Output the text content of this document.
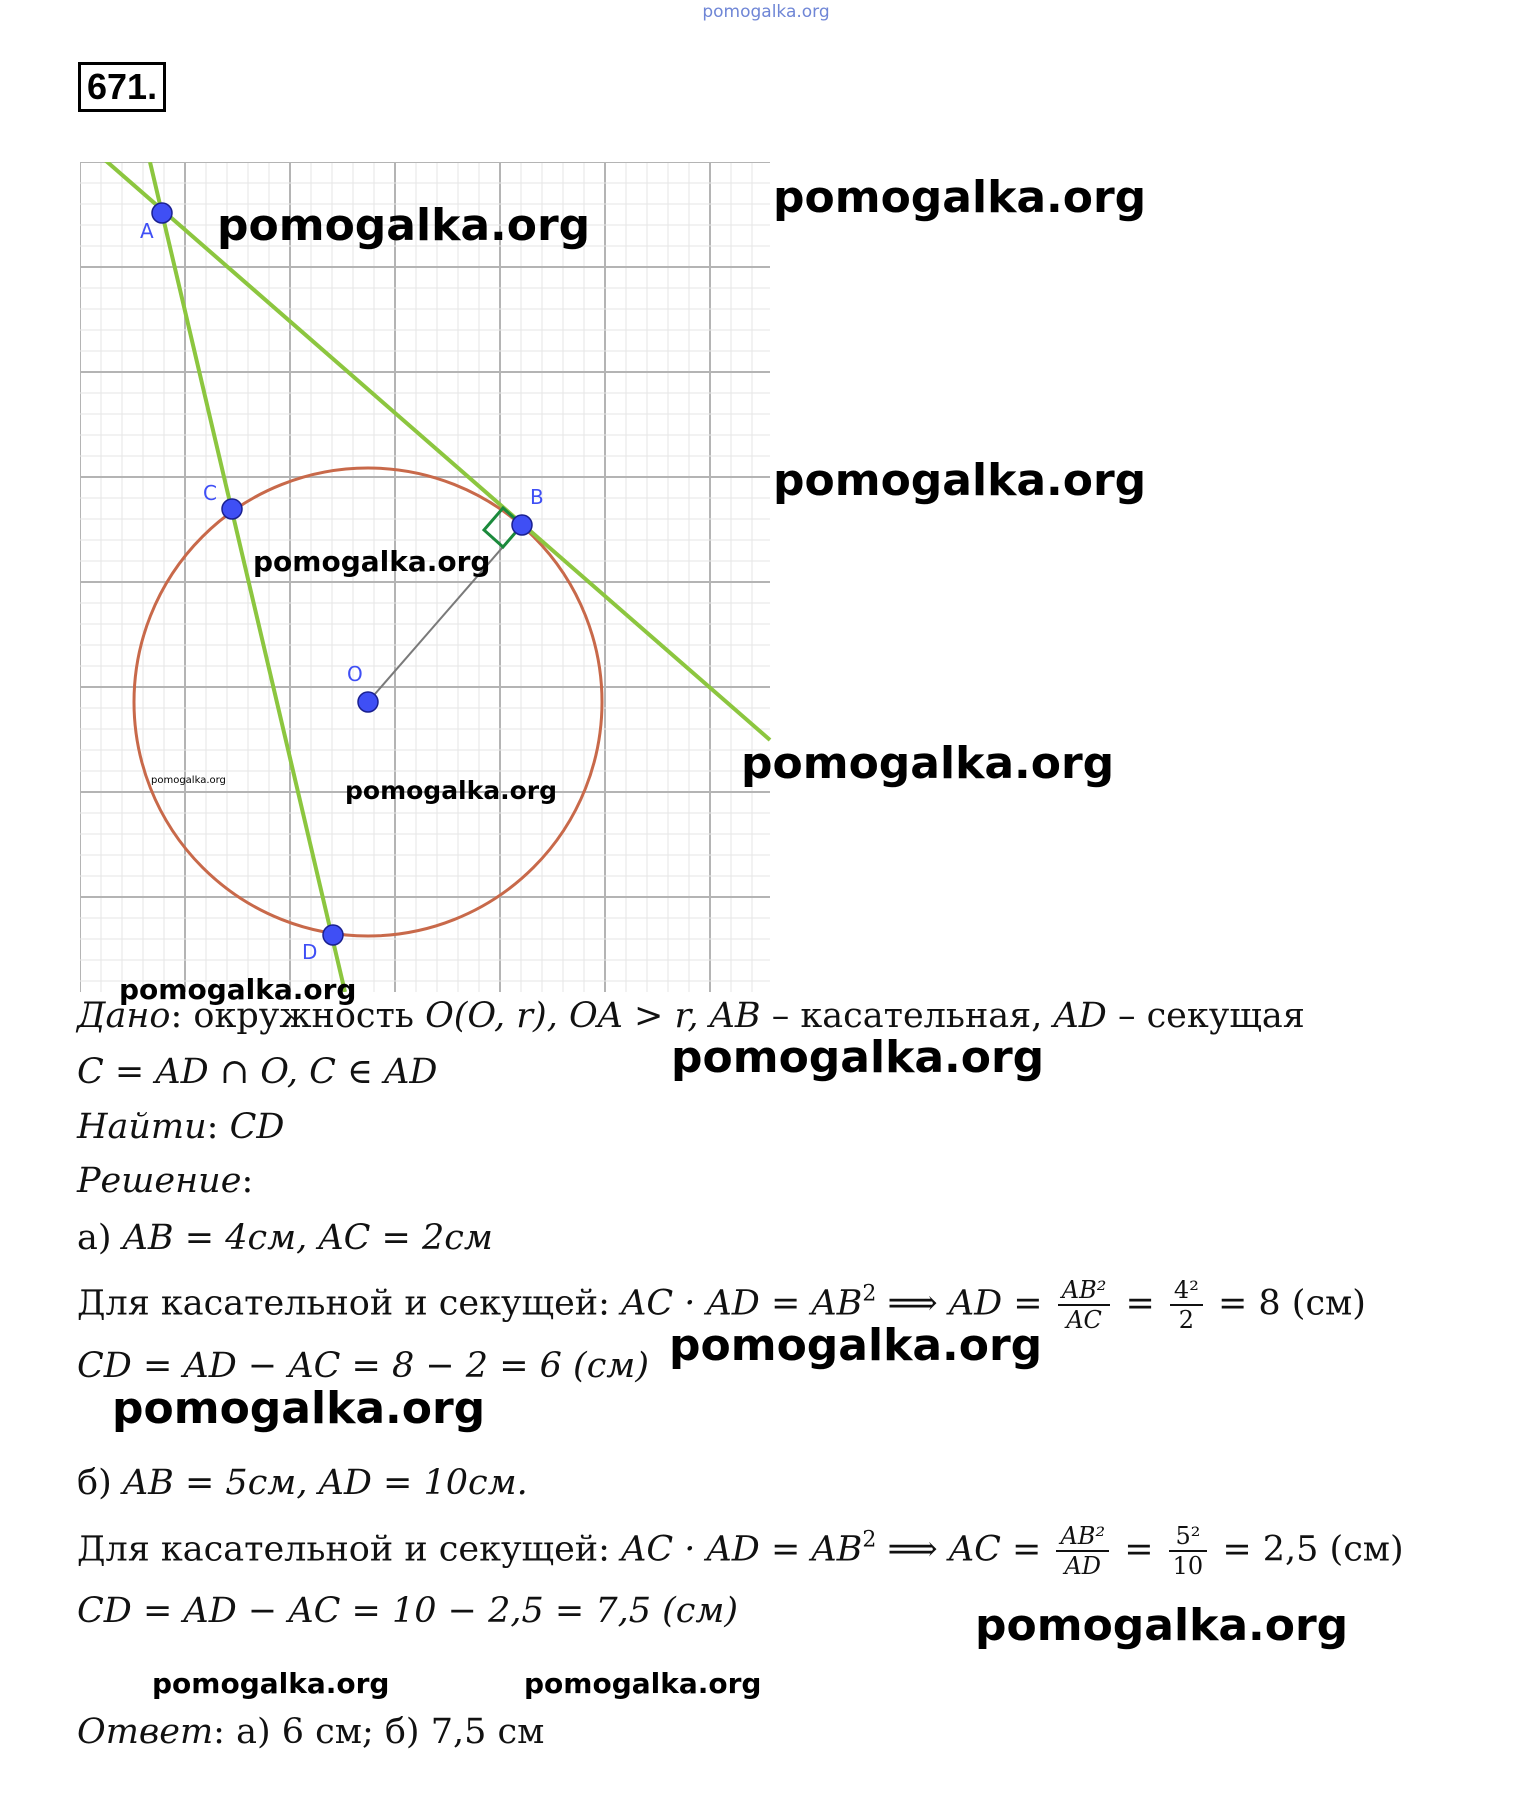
pomogalka.org
671.
A
C	B
O
D
pomogalka.org
pomogalka.org
pomogalka.org
pomogalka.org
pomogalka.org
pomogalka.org	pomogalka.org
pomogalka.org
pomogalka.org
pomogalka.org
pomogalka.org
pomogalka.org
pomogalka.org	pomogalka.org
Дано: окружность O(O, r), OA > r, AB – касательная, AD – секущая
C = AD ∩ O, C ∈ AD
Найти: CD
Решение:
а) AB = 4см, AC = 2см
Для касательной и секущей: AC · AD = $AB^2$ ⟹ AD = $\frac{\text{AB²}}{AC} = \frac{\text{4²}}{2} = 8$ (см)
CD = AD − AC = 8 − 2 = 6 (см)
б) AB = 5см, AD = 10см.
Для касательной и секущей: AC · AD = $AB^2$ ⟹ AC = $\frac{\text{AB²}}{AD} = \frac{\text{5²}}{10} = 2,5$ (см)
CD = AD − AC = 10 − 2,5 = 7,5 (см)
Ответ: а) 6 см; б) 7,5 см
